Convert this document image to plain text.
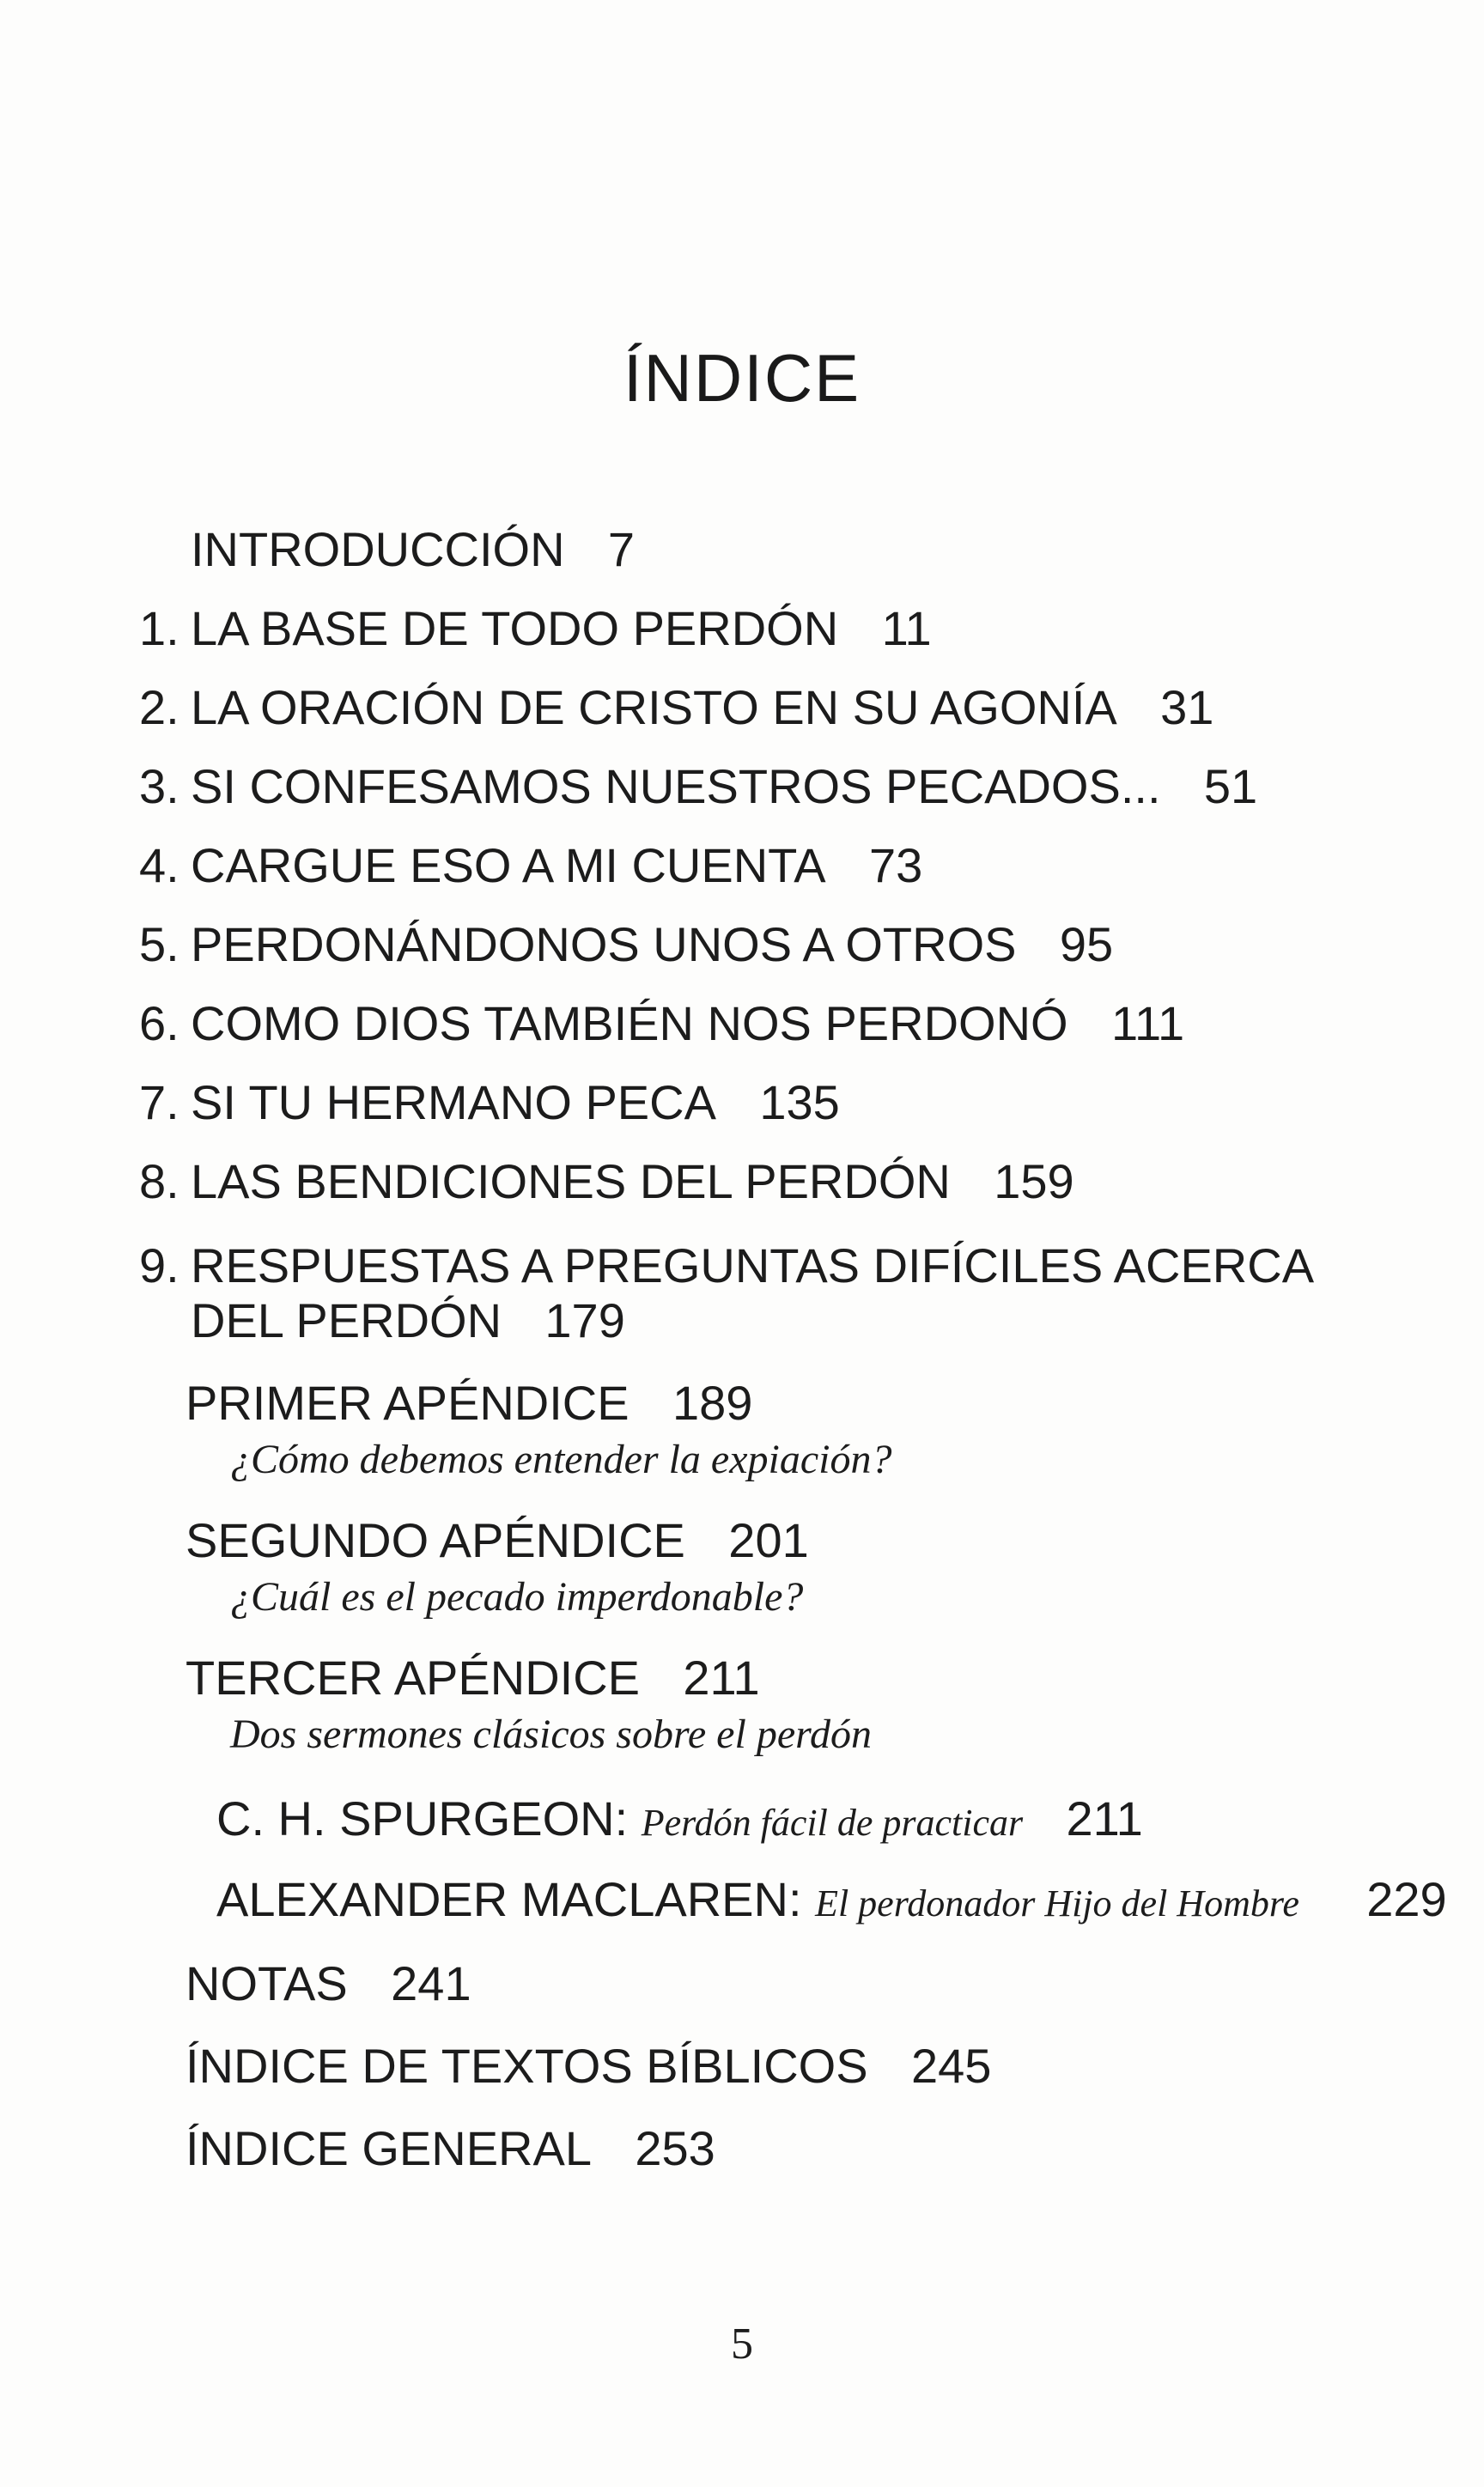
ÍNDICE
INTRODUCCIÓN 7
1. LA BASE DE TODO PERDÓN 11
2. LA ORACIÓN DE CRISTO EN SU AGONÍA 31
3. SI CONFESAMOS NUESTROS PECADOS... 51
4. CARGUE ESO A MI CUENTA 73
5. PERDONÁNDONOS UNOS A OTROS 95
6. COMO DIOS TAMBIÉN NOS PERDONÓ 111
7. SI TU HERMANO PECA 135
8. LAS BENDICIONES DEL PERDÓN 159
9. RESPUESTAS A PREGUNTAS DIFÍCILES ACERCA
DEL PERDÓN 179
PRIMER APÉNDICE 189
¿Cómo debemos entender la expiación?
SEGUNDO APÉNDICE 201
¿Cuál es el pecado imperdonable?
TERCER APÉNDICE 211
Dos sermones clásicos sobre el perdón
C. H. SPURGEON: Perdón fácil de practicar 211
ALEXANDER MACLAREN: El perdonador Hijo del Hombre 229
NOTAS 241
ÍNDICE DE TEXTOS BÍBLICOS 245
ÍNDICE GENERAL 253
5
